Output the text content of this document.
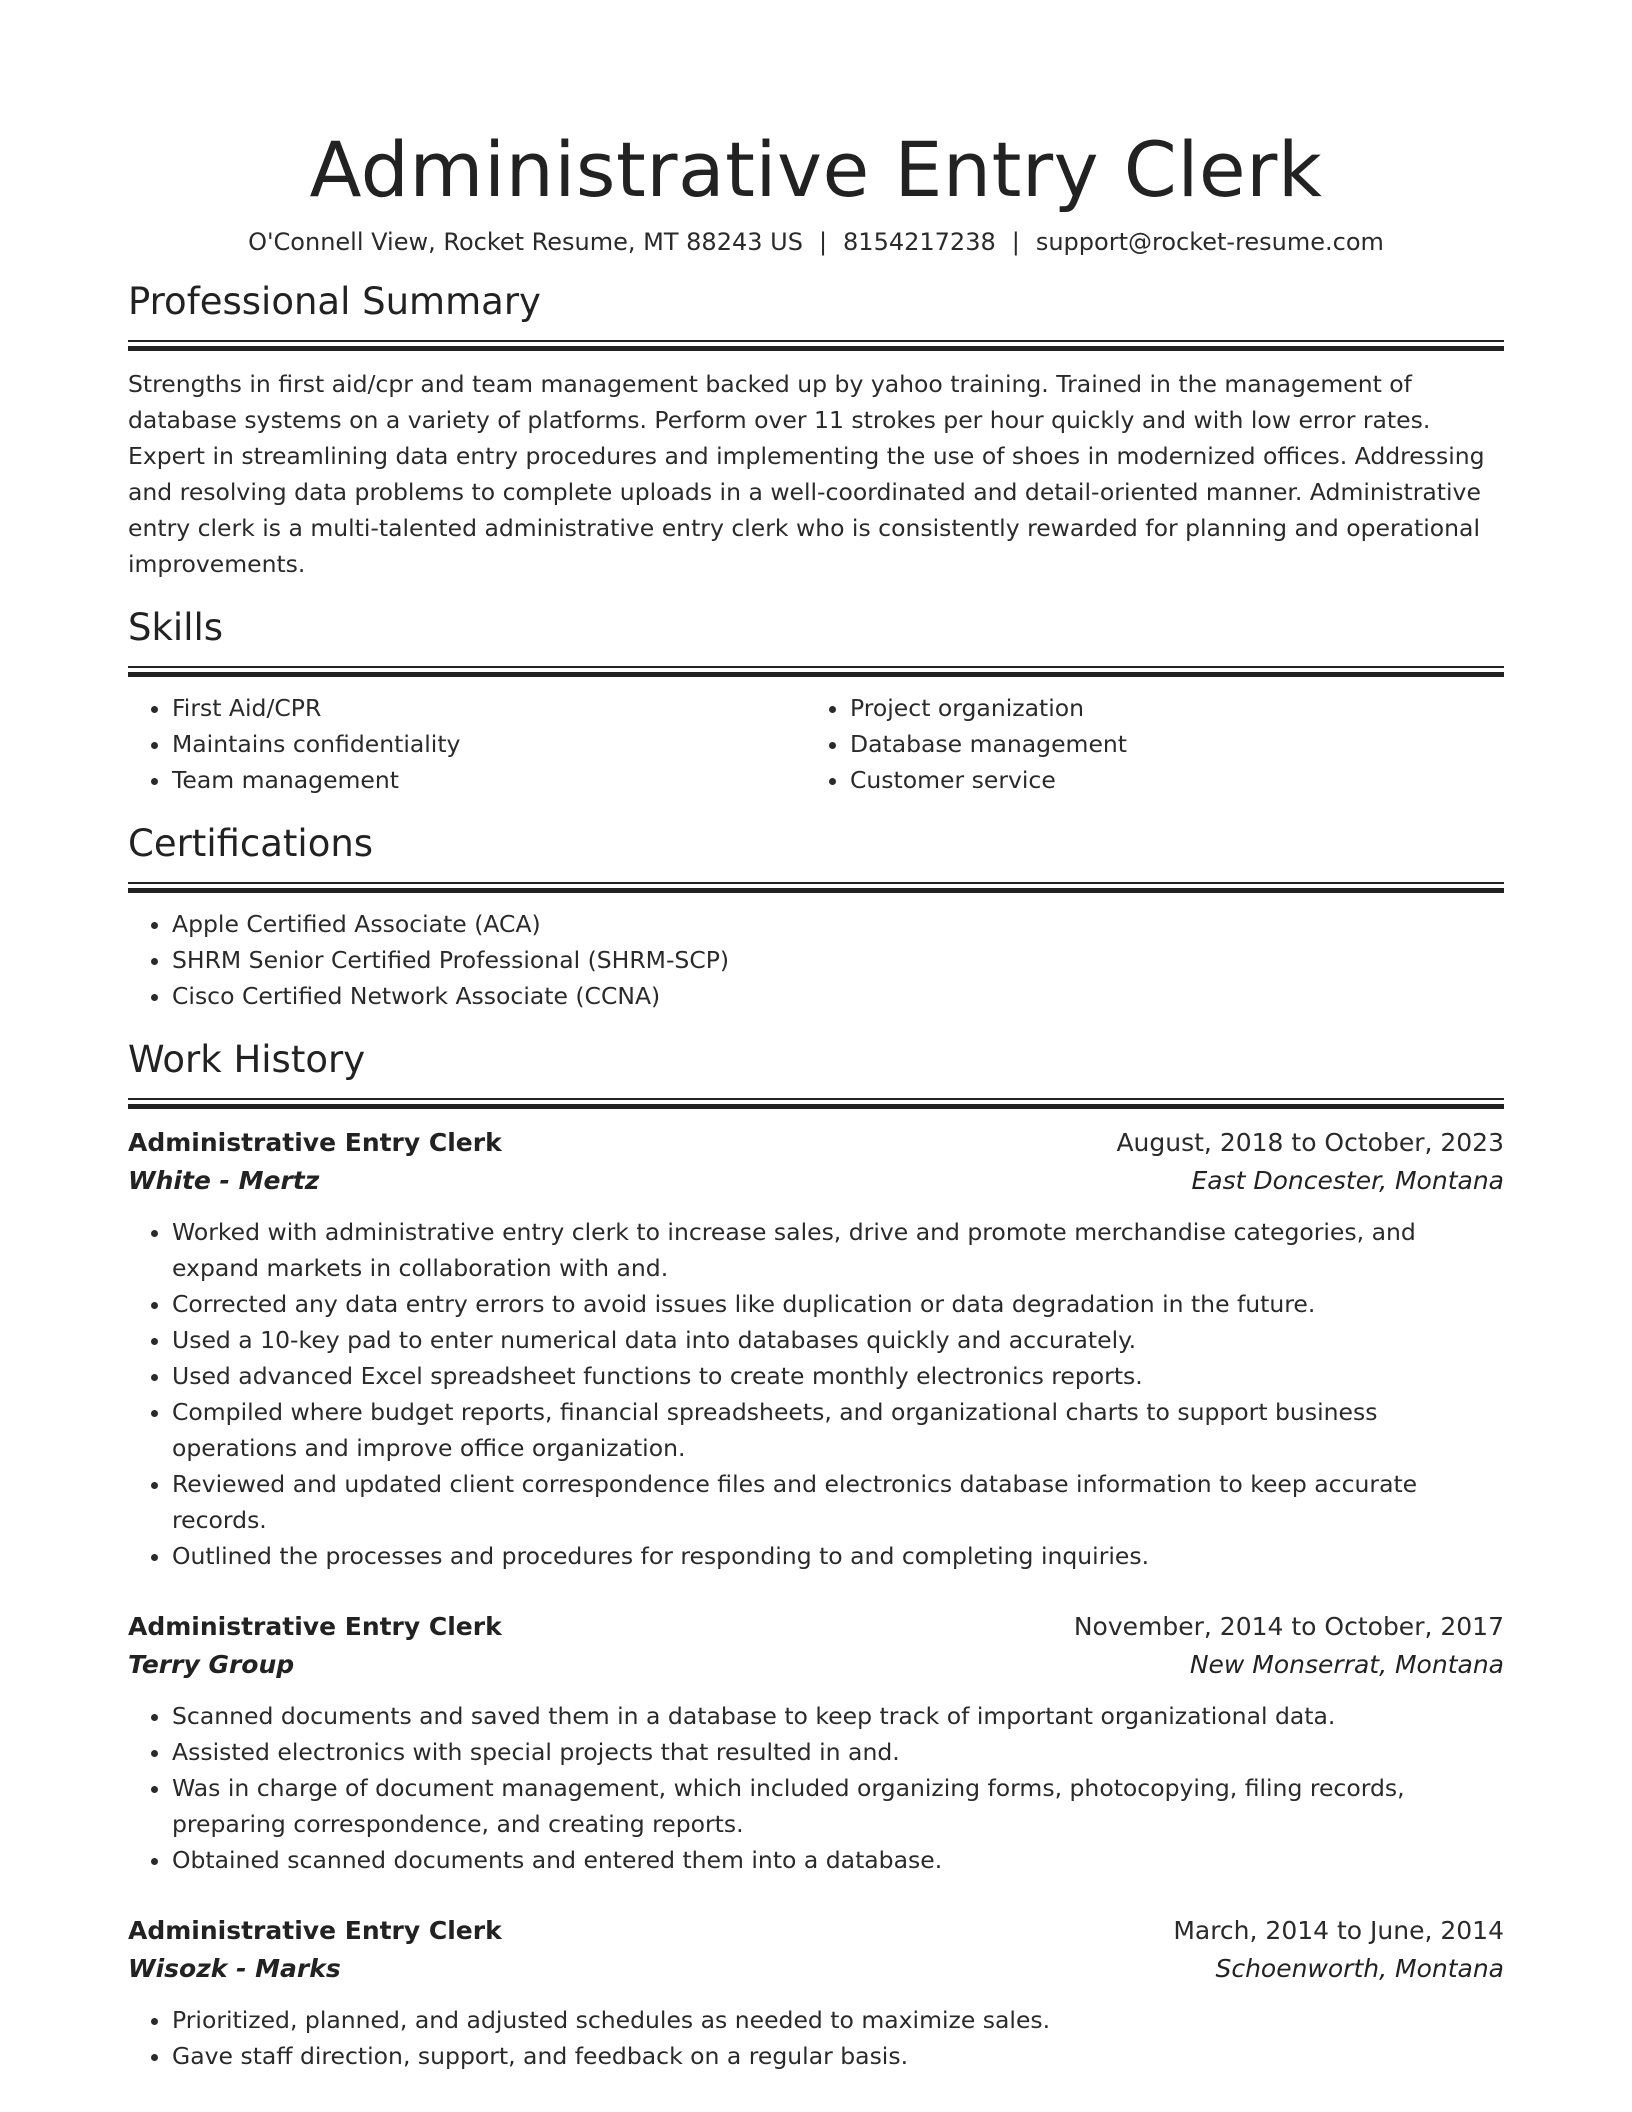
Administrative Entry Clerk
O'Connell View, Rocket Resume, MT 88243 US | 8154217238 | support@rocket-resume.com
Professional Summary
Strengths in first aid/cpr and team management backed up by yahoo training. Trained in the management of database systems on a variety of platforms. Perform over 11 strokes per hour quickly and with low error rates. Expert in streamlining data entry procedures and implementing the use of shoes in modernized offices. Addressing and resolving data problems to complete uploads in a well-coordinated and detail-oriented manner. Administrative entry clerk is a multi-talented administrative entry clerk who is consistently rewarded for planning and operational improvements.
Skills
• First Aid/CPR
• Maintains confidentiality
• Team management
• Project organization
• Database management
• Customer service
Certifications
• Apple Certified Associate (ACA)
• SHRM Senior Certified Professional (SHRM-SCP)
• Cisco Certified Network Associate (CCNA)
Work History
Administrative Entry Clerk	August, 2018 to October, 2023
White - Mertz	East Doncester, Montana
• Worked with administrative entry clerk to increase sales, drive and promote merchandise categories, and expand markets in collaboration with and.
• Corrected any data entry errors to avoid issues like duplication or data degradation in the future.
• Used a 10-key pad to enter numerical data into databases quickly and accurately.
• Used advanced Excel spreadsheet functions to create monthly electronics reports.
• Compiled where budget reports, financial spreadsheets, and organizational charts to support business operations and improve office organization.
• Reviewed and updated client correspondence files and electronics database information to keep accurate records.
• Outlined the processes and procedures for responding to and completing inquiries.
Administrative Entry Clerk	November, 2014 to October, 2017
Terry Group	New Monserrat, Montana
• Scanned documents and saved them in a database to keep track of important organizational data.
• Assisted electronics with special projects that resulted in and.
• Was in charge of document management, which included organizing forms, photocopying, filing records, preparing correspondence, and creating reports.
• Obtained scanned documents and entered them into a database.
Administrative Entry Clerk	March, 2014 to June, 2014
Wisozk - Marks	Schoenworth, Montana
• Prioritized, planned, and adjusted schedules as needed to maximize sales.
• Gave staff direction, support, and feedback on a regular basis.
